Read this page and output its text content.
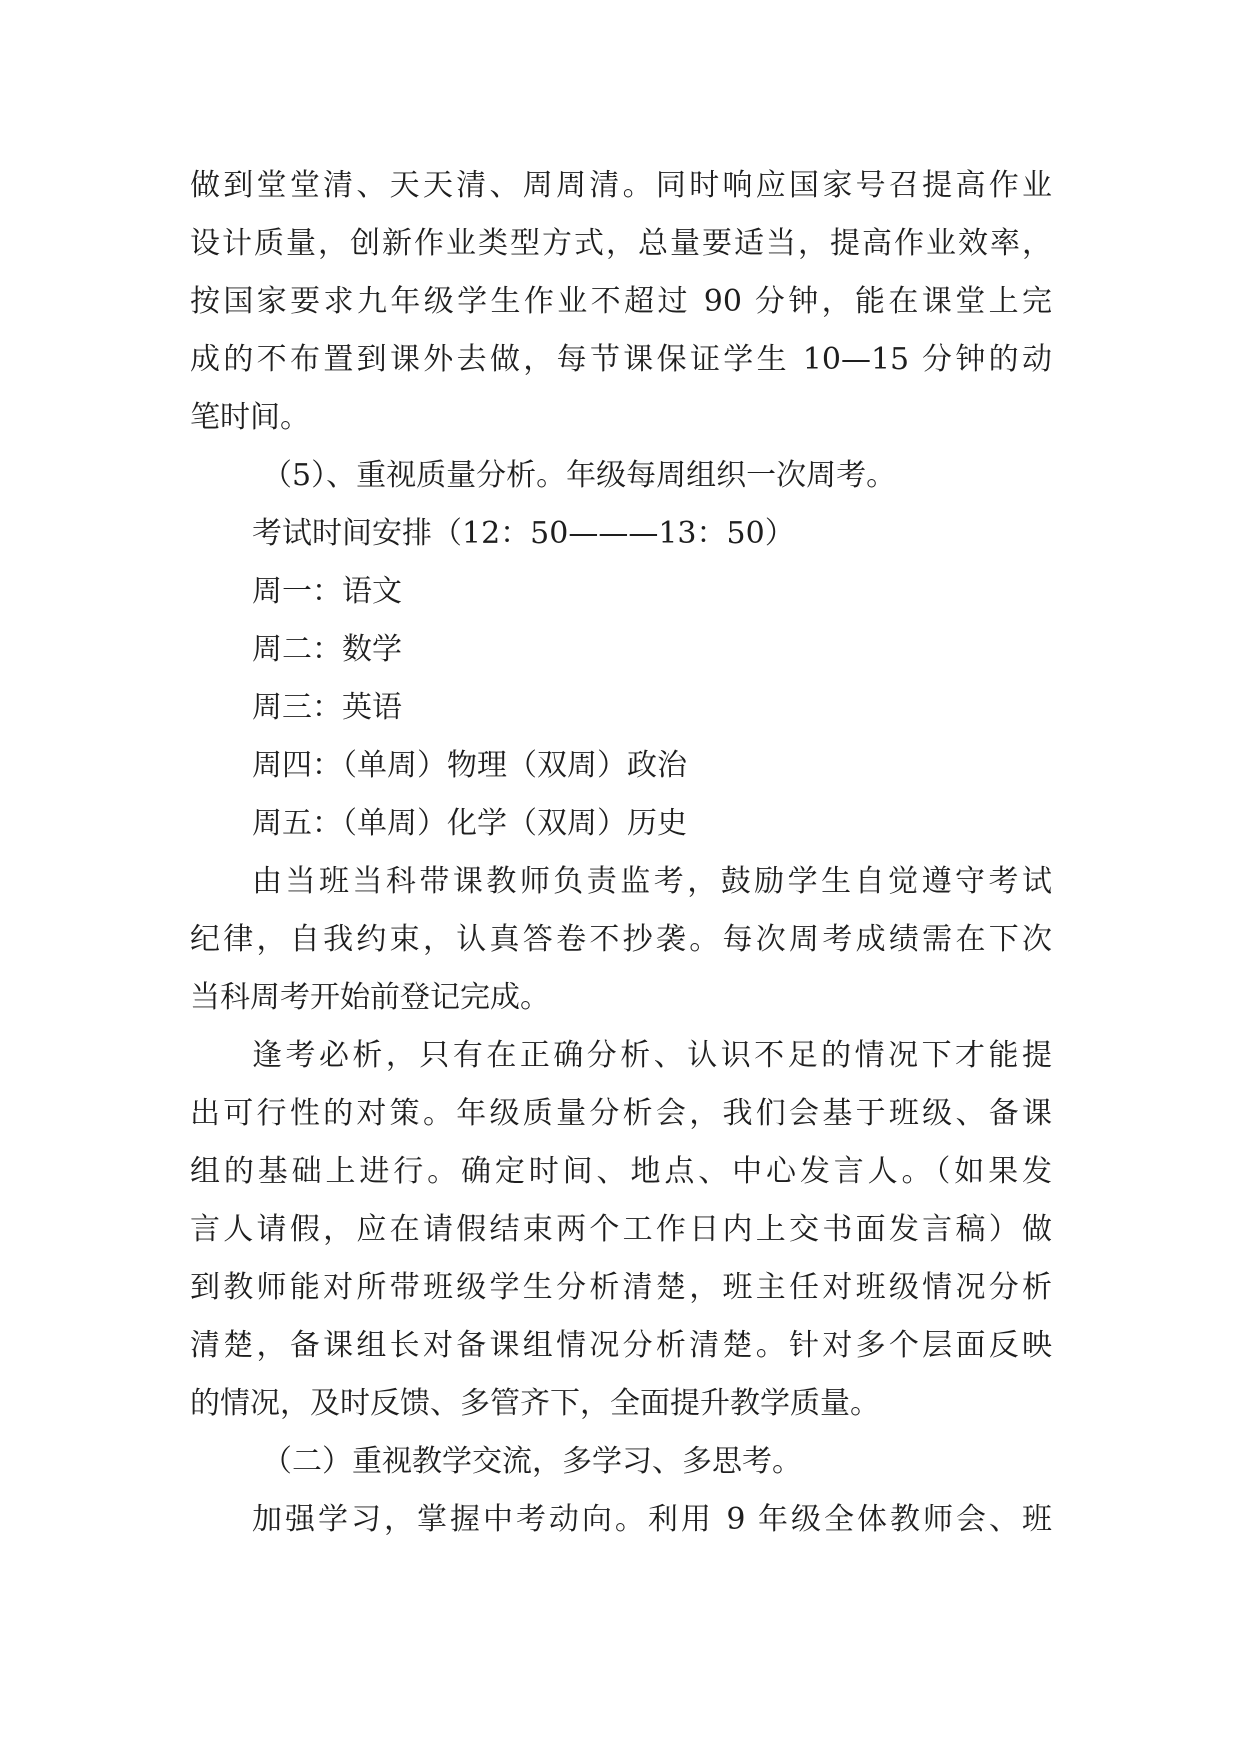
做到堂堂清、天天清、周周清。同时响应国家号召提高作业
设计质量，创新作业类型方式，总量要适当，提高作业效率，
按国家要求九年级学生作业不超过 90 分钟，能在课堂上完
成的不布置到课外去做，每节课保证学生 10—15 分钟的动
笔时间。
（5）、重视质量分析。年级每周组织一次周考。
考试时间安排（12：50———13：50）
周一：语文
周二：数学
周三：英语
周四：（单周）物理（双周）政治
周五：（单周）化学（双周）历史
由当班当科带课教师负责监考，鼓励学生自觉遵守考试
纪律，自我约束，认真答卷不抄袭。每次周考成绩需在下次
当科周考开始前登记完成。
逢考必析，只有在正确分析、认识不足的情况下才能提
出可行性的对策。年级质量分析会，我们会基于班级、备课
组的基础上进行。确定时间、地点、中心发言人。（如果发
言人请假，应在请假结束两个工作日内上交书面发言稿）做
到教师能对所带班级学生分析清楚，班主任对班级情况分析
清楚，备课组长对备课组情况分析清楚。针对多个层面反映
的情况，及时反馈、多管齐下，全面提升教学质量。
（二）重视教学交流，多学习、多思考。
加强学习，掌握中考动向。利用 9 年级全体教师会、班
